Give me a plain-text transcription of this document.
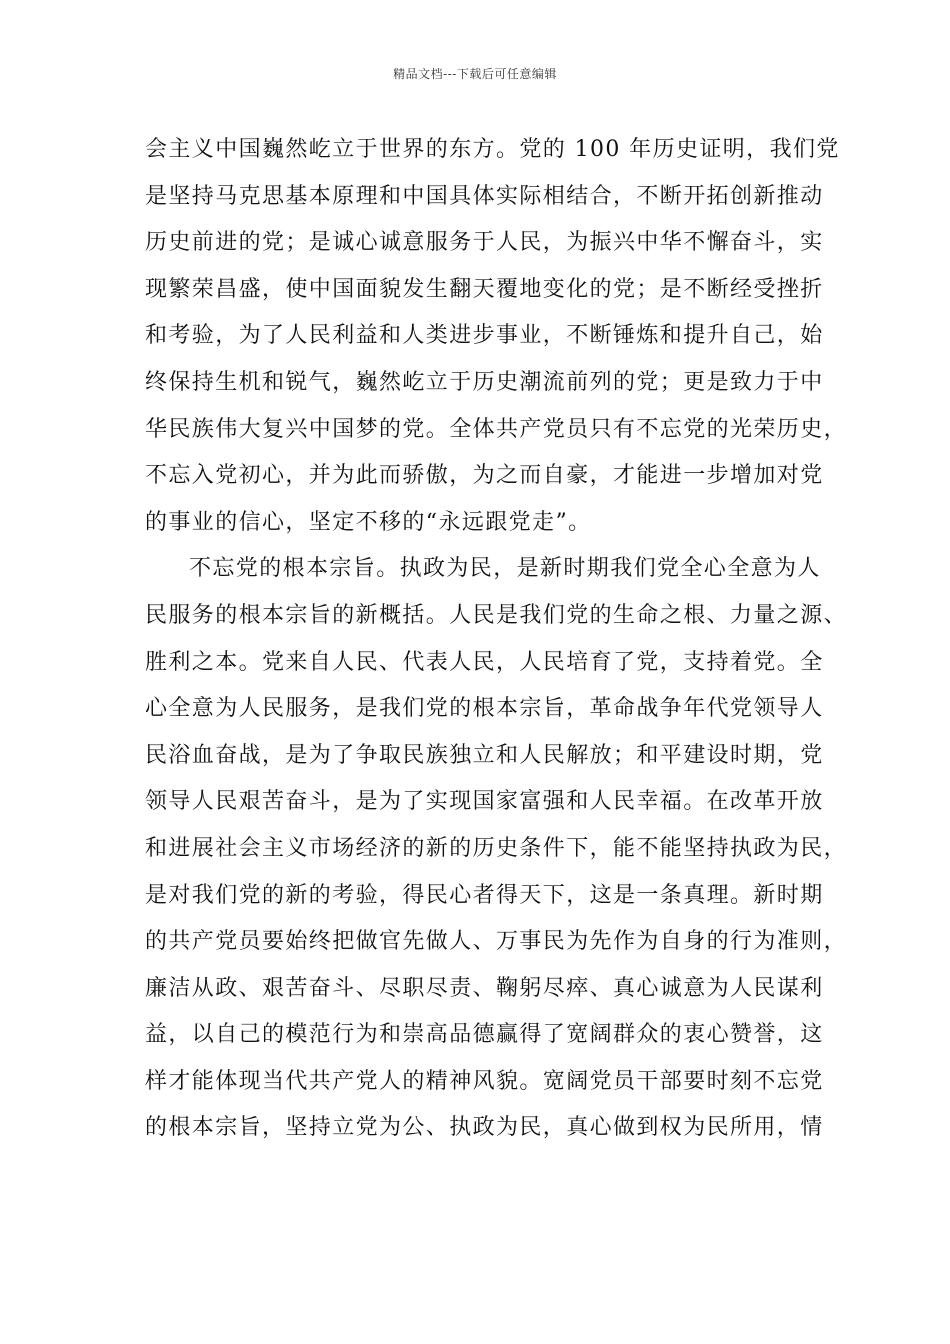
精品文档---下载后可任意编辑
会主义中国巍然屹立于世界的东方。党的 100 年历史证明，我们党
是坚持马克思基本原理和中国具体实际相结合，不断开拓创新推动
历史前进的党；是诚心诚意服务于人民，为振兴中华不懈奋斗，实
现繁荣昌盛，使中国面貌发生翻天覆地变化的党；是不断经受挫折
和考验，为了人民利益和人类进步事业，不断锤炼和提升自己，始
终保持生机和锐气，巍然屹立于历史潮流前列的党；更是致力于中
华民族伟大复兴中国梦的党。全体共产党员只有不忘党的光荣历史，
不忘入党初心，并为此而骄傲，为之而自豪，才能进一步增加对党
的事业的信心，坚定不移的“永远跟党走”。
不忘党的根本宗旨。执政为民，是新时期我们党全心全意为人
民服务的根本宗旨的新概括。人民是我们党的生命之根、力量之源、
胜利之本。党来自人民、代表人民，人民培育了党，支持着党。全
心全意为人民服务，是我们党的根本宗旨，革命战争年代党领导人
民浴血奋战，是为了争取民族独立和人民解放；和平建设时期，党
领导人民艰苦奋斗，是为了实现国家富强和人民幸福。在改革开放
和进展社会主义市场经济的新的历史条件下，能不能坚持执政为民，
是对我们党的新的考验，得民心者得天下，这是一条真理。新时期
的共产党员要始终把做官先做人、万事民为先作为自身的行为准则，
廉洁从政、艰苦奋斗、尽职尽责、鞠躬尽瘁、真心诚意为人民谋利
益，以自己的模范行为和崇高品德赢得了宽阔群众的衷心赞誉，这
样才能体现当代共产党人的精神风貌。宽阔党员干部要时刻不忘党
的根本宗旨，坚持立党为公、执政为民，真心做到权为民所用，情
